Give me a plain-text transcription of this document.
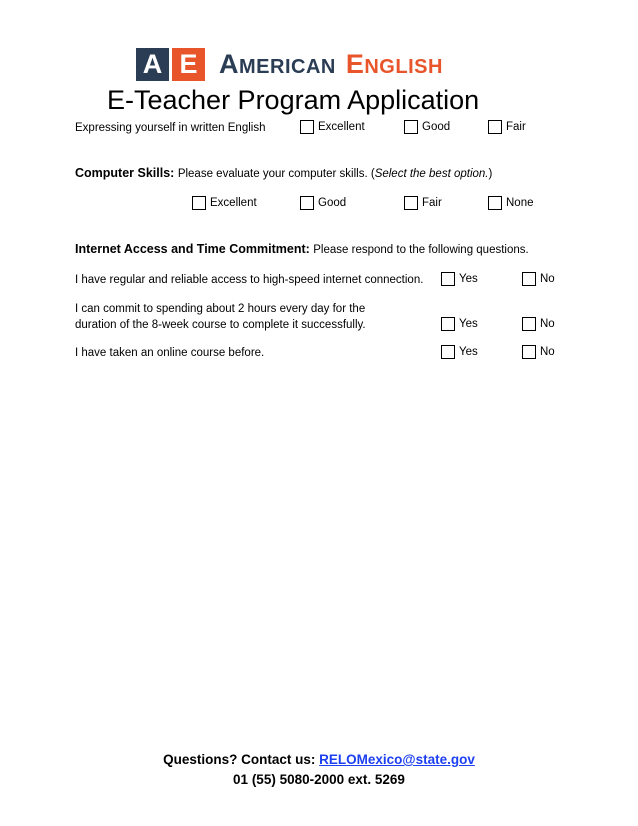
A E AMERICAN ENGLISH
E-Teacher Program Application
Expressing yourself in written English	Excellent	Good	Fair
Computer Skills: Please evaluate your computer skills. (Select the best option.)
Excellent	Good	Fair	None
Internet Access and Time Commitment: Please respond to the following questions.
I have regular and reliable access to high-speed internet connection.	Yes	No
I can commit to spending about 2 hours every day for the
duration of the 8-week course to complete it successfully.	Yes	No
I have taken an online course before.	Yes	No
Questions? Contact us: RELOMexico@state.gov
01 (55) 5080-2000 ext. 5269
